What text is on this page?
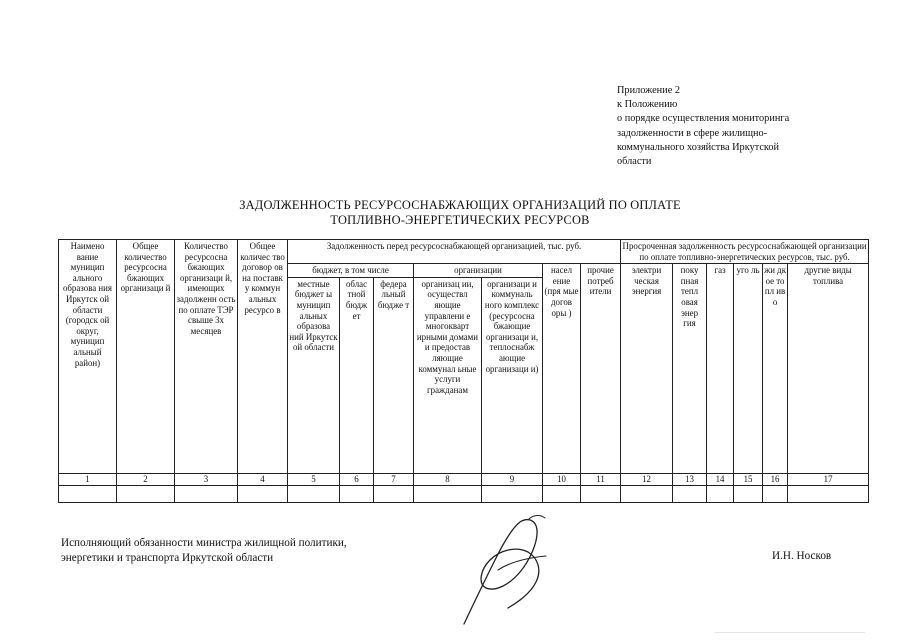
Приложение 2
к Положению
о порядке осуществления мониторинга
задолженности в сфере жилищно-
коммунального хозяйства Иркутской
области
ЗАДОЛЖЕННОСТЬ РЕСУРСОСНАБЖАЮЩИХ ОРГАНИЗАЦИЙ ПО ОПЛАТЕ
ТОПЛИВНО-ЭНЕРГЕТИЧЕСКИХ РЕСУРСОВ
Наимено вание муницип ального образова ния Иркутск ой области (городск ой округ, муницип альный район)	Общее количество ресурсосна бжающих организаци й	Количество ресурсосна бжающих организаци й, имеющих задолженн ость по оплате ТЭР свыше 3х месяцев	Общее количес тво договор ов на поставк у коммун альных ресурсо в	Задолженность перед ресурсоснабжающей организацией, тыс. руб.							Просроченная задолженность ресурсоснабжающей организации по оплате топливно-энергетических ресурсов, тыс. руб.					
				бюджет, в том числе			организации		насел ение (пря мые догов оры )	прочие потреб ители	электри ческая энергия	поку пная тепл овая энер гия	газ	уго ль	жи дк ое то пл ив о	другие виды топлива
				местные бюджет ы муницип альных образова ний Иркутск ой области	облас тной бюдж ет	федера льный бюдже т	организац ии, осуществл яющие управлени е многокварт ирными домами и предостав ляющие коммунал ьные услуги гражданам	организаци и коммуналь ного комплекс (ресурсосна бжающие организаци и, теплоснабж ающие организаци и)								
1	2	3	4	5	6	7	8	9	10	11	12	13	14	15	16	17

Исполняющий обязанности министра жилищной политики,
энергетики и транспорта Иркутской области	И.Н. Носков
